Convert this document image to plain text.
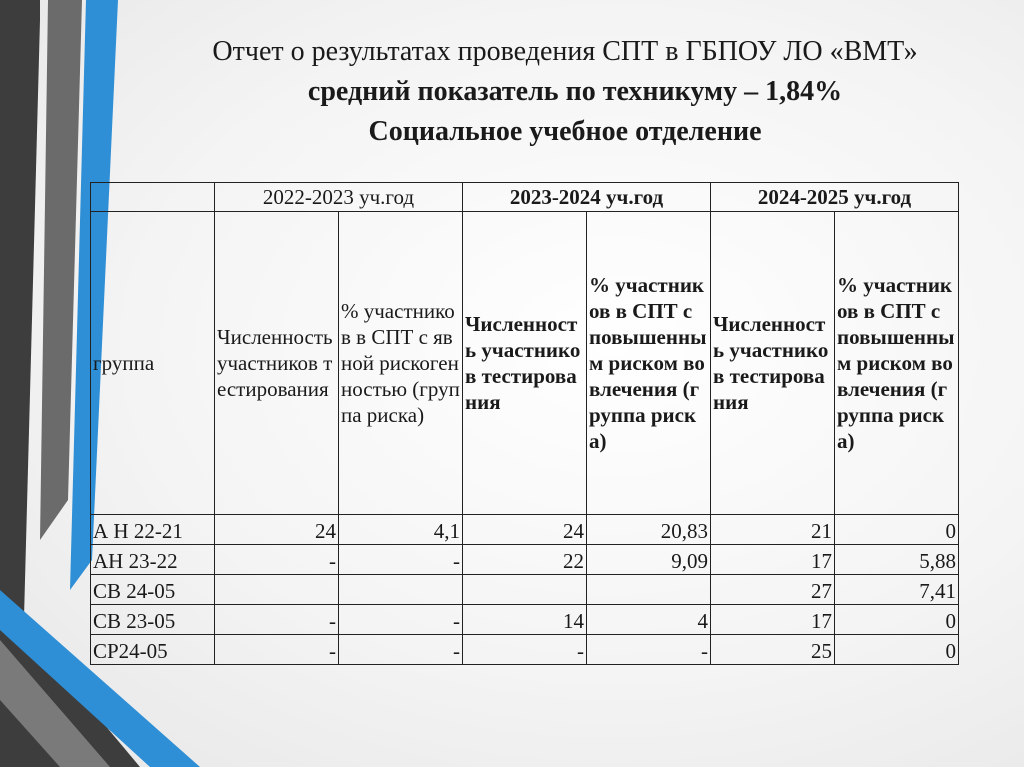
Отчет о результатах проведения СПТ в ГБПОУ ЛО «ВМТ»
средний показатель по техникуму – 1,84%
Социальное учебное отделение
	2022-2023 уч.год		2023-2024 уч.год		2024-2025 уч.год	
группа	Численность участников тестирования	% участников в СПТ с явной рискогенностью (группа риска)	Численность участников тестирования	% участников в СПТ с повышенным риском вовлечения (группа риска)	Численность участников тестирования	% участников в СПТ с повышенным риском вовлечения (группа риска)
А Н 22-21	24	4,1	24	20,83	21	0
АН 23-22	-	-	22	9,09	17	5,88
СВ 24-05					27	7,41
СВ 23-05	-	-	14	4	17	0
СР24-05	-	-	-	-	25	0
